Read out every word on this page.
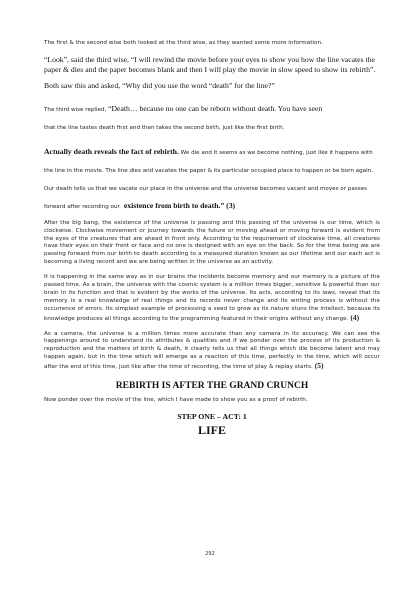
The first & the second wise both looked at the third wise, as they wanted some more information.

“Look”, said the third wise, “I will rewind the movie before your eyes to show you how the line vacates the paper & dies and the paper becomes blank and then I will play the movie in slow speed to show its rebirth”.

Both saw this and asked, “Why did you use the word “death” for the line?”

The third wise replied, “Death… because no one can be reborn without death. You have seen
that the line tastes death first and then takes the second birth, just like the first birth.

Actually death reveals the fact of rebirth. We die and it seems as we become nothing, just like it happens with the line in the movie. The line dies and vacates the paper & its particular occupied place to happen or be born again. Our death tells us that we vacate our place in the universe and the universe becomes vacant and moves or passes forward after recording our existence from birth to death.” (3)

After the big bang, the existence of the universe is passing and this passing of the universe is our time, which is clockwise. Clockwise movement or journey towards the future or moving ahead or moving forward is evident from the eyes of the creatures that are ahead in front only. According to the requirement of clockwise time, all creatures have their eyes on their front or face and no one is designed with an eye on the back. So for the time being we are passing forward from our birth to death according to a measured duration known as our lifetime and our each act is becoming a living record and we are being written in the universe as an activity.

It is happening in the same way as in our brains the incidents become memory and our memory is a picture of the passed time. As a brain, the universe with the cosmic system is a million times bigger, sensitive & powerful than our brain in its function and that is evident by the works of the universe. Its acts, according to its laws, reveal that its memory is a real knowledge of real things and its records never change and its writing process is without the occurrence of errors. Its simplest example of processing a seed to grow as its nature stuns the intellect, because its knowledge produces all things according to the programming featured in their origins without any change. (4)

As a camera, the universe is a million times more accurate than any camera in its accuracy. We can see the happenings around to understand its attributes & qualities and if we ponder over the process of its production & reproduction and the matters of birth & death, it clearly tells us that all things which die become latent and may happen again, but in the time which will emerge as a reaction of this time, perfectly in the time, which will occur after the end of this time, just like after the time of recording, the time of play & replay starts. (5)

REBIRTH IS AFTER THE GRAND CRUNCH

Now ponder over the movie of the line, which I have made to show you as a proof of rebirth.

STEP ONE – ACT: 1
LIFE
292
